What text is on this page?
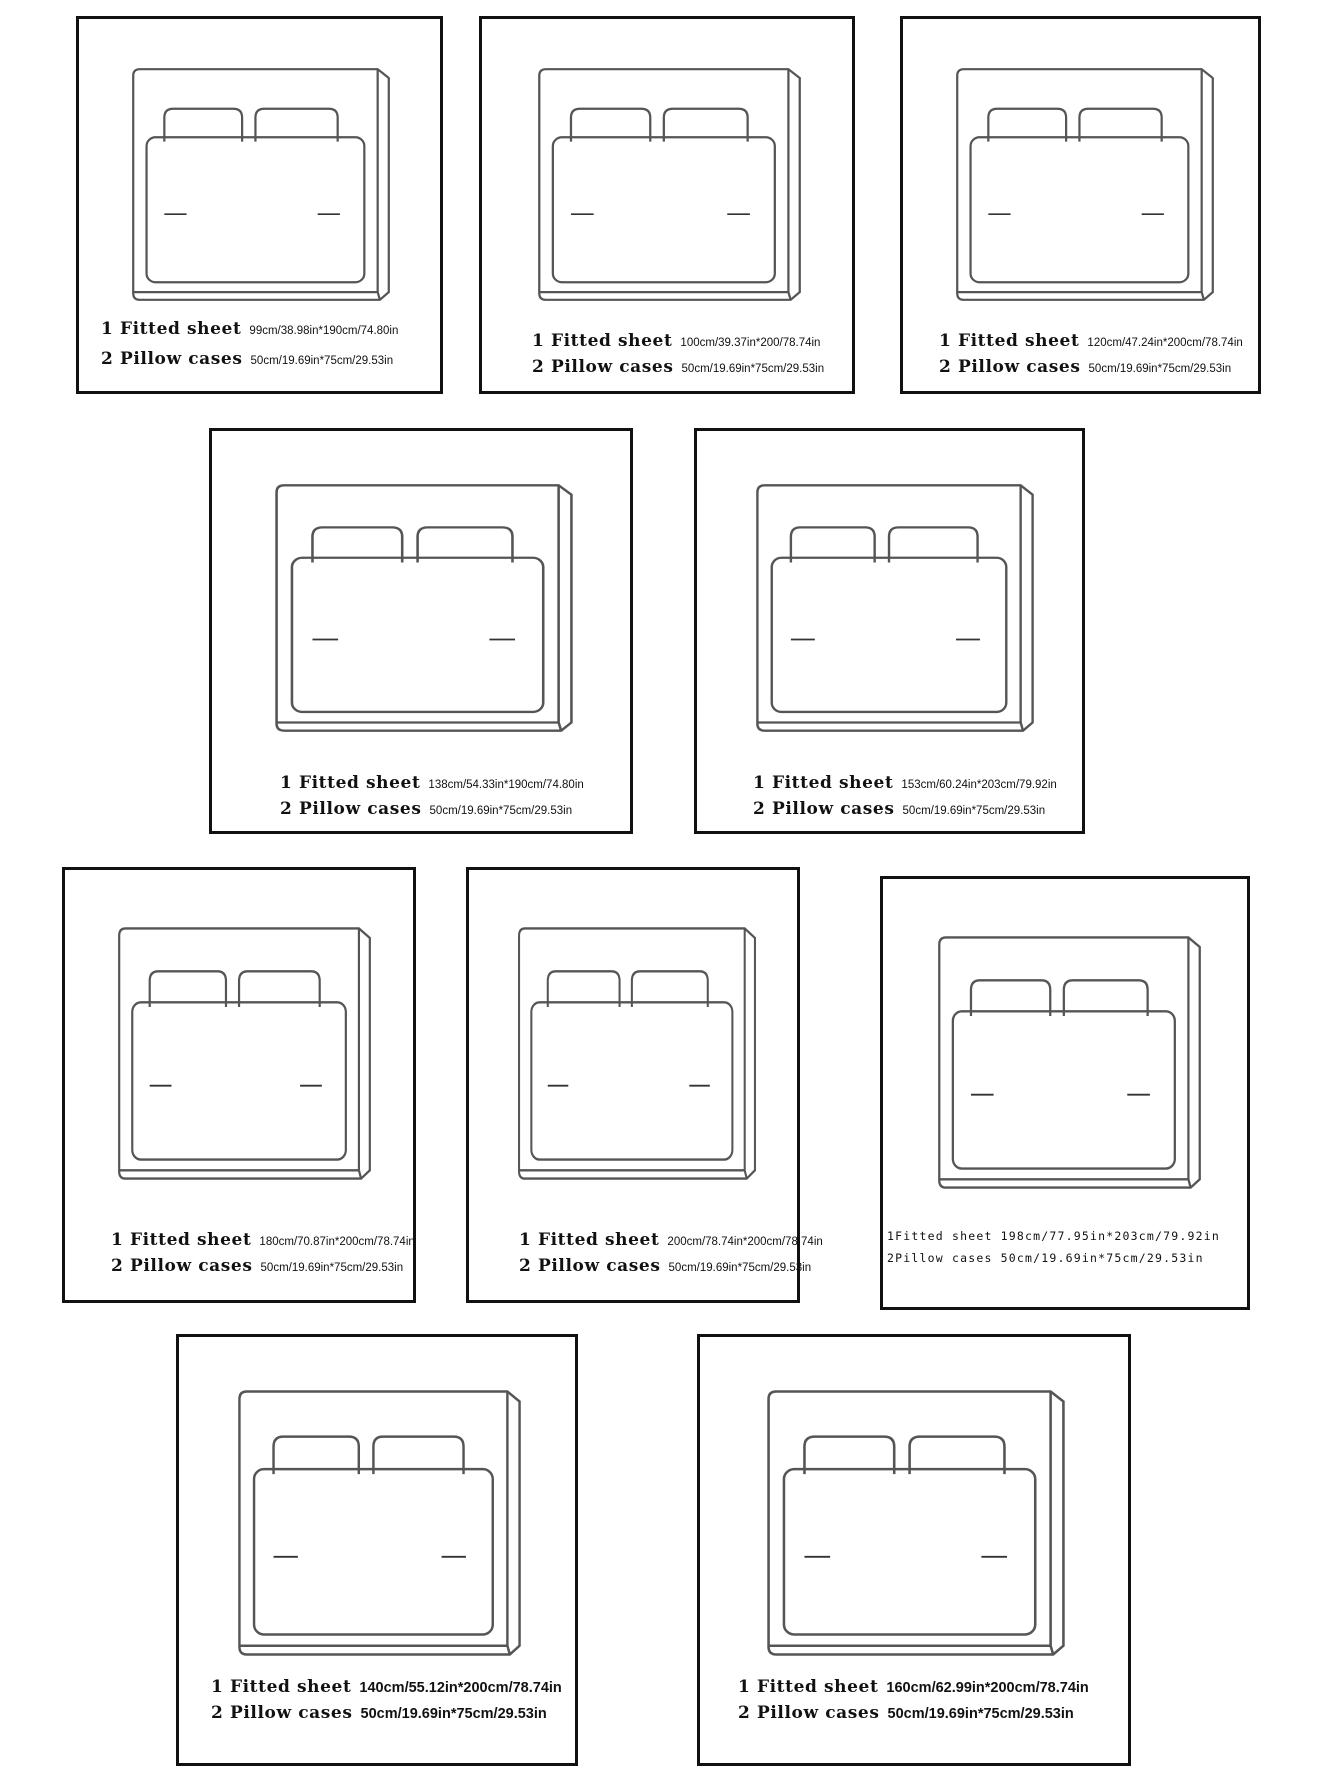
1 Fitted sheet 99cm/38.98in*190cm/74.80in
2 Pillow cases 50cm/19.69in*75cm/29.53in
1 Fitted sheet 100cm/39.37in*200/78.74in
2 Pillow cases 50cm/19.69in*75cm/29.53in
1 Fitted sheet 120cm/47.24in*200cm/78.74in
2 Pillow cases 50cm/19.69in*75cm/29.53in
1 Fitted sheet 138cm/54.33in*190cm/74.80in
2 Pillow cases 50cm/19.69in*75cm/29.53in
1 Fitted sheet 153cm/60.24in*203cm/79.92in
2 Pillow cases 50cm/19.69in*75cm/29.53in
1 Fitted sheet 180cm/70.87in*200cm/78.74in
2 Pillow cases 50cm/19.69in*75cm/29.53in
1 Fitted sheet 200cm/78.74in*200cm/78.74in
2 Pillow cases 50cm/19.69in*75cm/29.53in
1Fitted sheet 198cm/77.95in*203cm/79.92in
2Pillow cases 50cm/19.69in*75cm/29.53in
1 Fitted sheet 140cm/55.12in*200cm/78.74in
2 Pillow cases 50cm/19.69in*75cm/29.53in
1 Fitted sheet 160cm/62.99in*200cm/78.74in
2 Pillow cases 50cm/19.69in*75cm/29.53in
